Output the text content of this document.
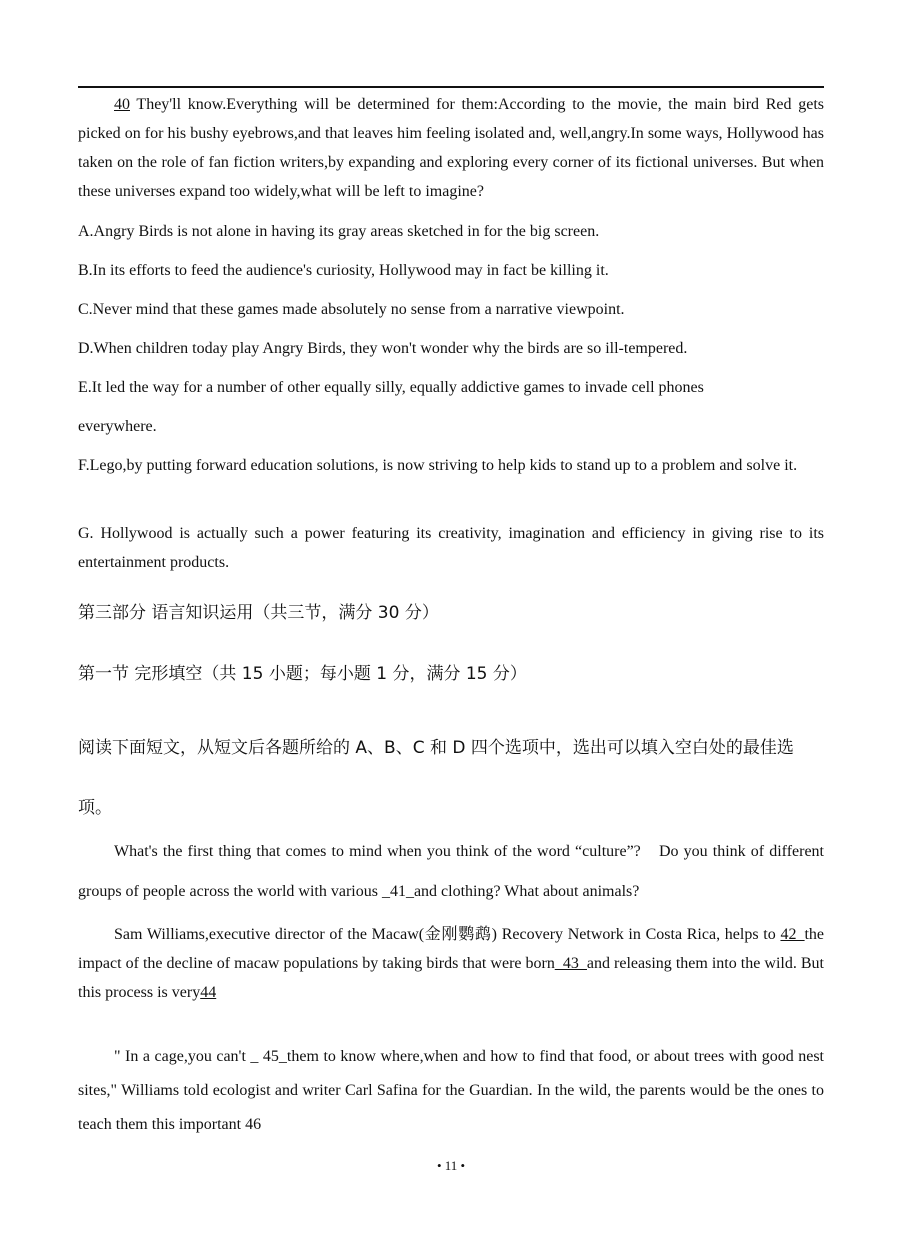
40 They'll know.Everything will be determined for them:According to the movie, the main bird Red gets picked on for his bushy eyebrows,and that leaves him feeling isolated and, well,angry.In some ways, Hollywood has taken on the role of fan fiction writers,by expanding and exploring every corner of its fictional universes. But when these universes expand too widely,what will be left to imagine?
A.Angry Birds is not alone in having its gray areas sketched in for the big screen.
B.In its efforts to feed the audience's curiosity, Hollywood may in fact be killing it.
C.Never mind that these games made absolutely no sense from a narrative viewpoint.
D.When children today play Angry Birds, they won't wonder why the birds are so ill-tempered.
E.It led the way for a number of other equally silly, equally addictive games to invade cell phones
everywhere.
F.Lego,by putting forward education solutions, is now striving to help kids to stand up to a problem and solve it.
G. Hollywood is actually such a power featuring its creativity, imagination and efficiency in giving rise to its entertainment products.
第三部分 语言知识运用（共三节，满分 30 分）
第一节 完形填空（共 15 小题；每小题 1 分，满分 15 分）
阅读下面短文，从短文后各题所给的 A、B、C 和 D 四个选项中，选出可以填入空白处的最佳选项。
What's the first thing that comes to mind when you think of the word “culture”?　Do you think of different groups of people across the world with various _41_and clothing? What about animals?
Sam Williams,executive director of the Macaw(金刚鹦鹉) Recovery Network in Costa Rica, helps to 42_the impact of the decline of macaw populations by taking birds that were born_43_and releasing them into the wild. But this process is very44
" In a cage,you can't _ 45_them to know where,when and how to find that food, or about trees with good nest sites," Williams told ecologist and writer Carl Safina for the Guardian. In the wild, the parents would be the ones to teach them this important 46
• 11 •
